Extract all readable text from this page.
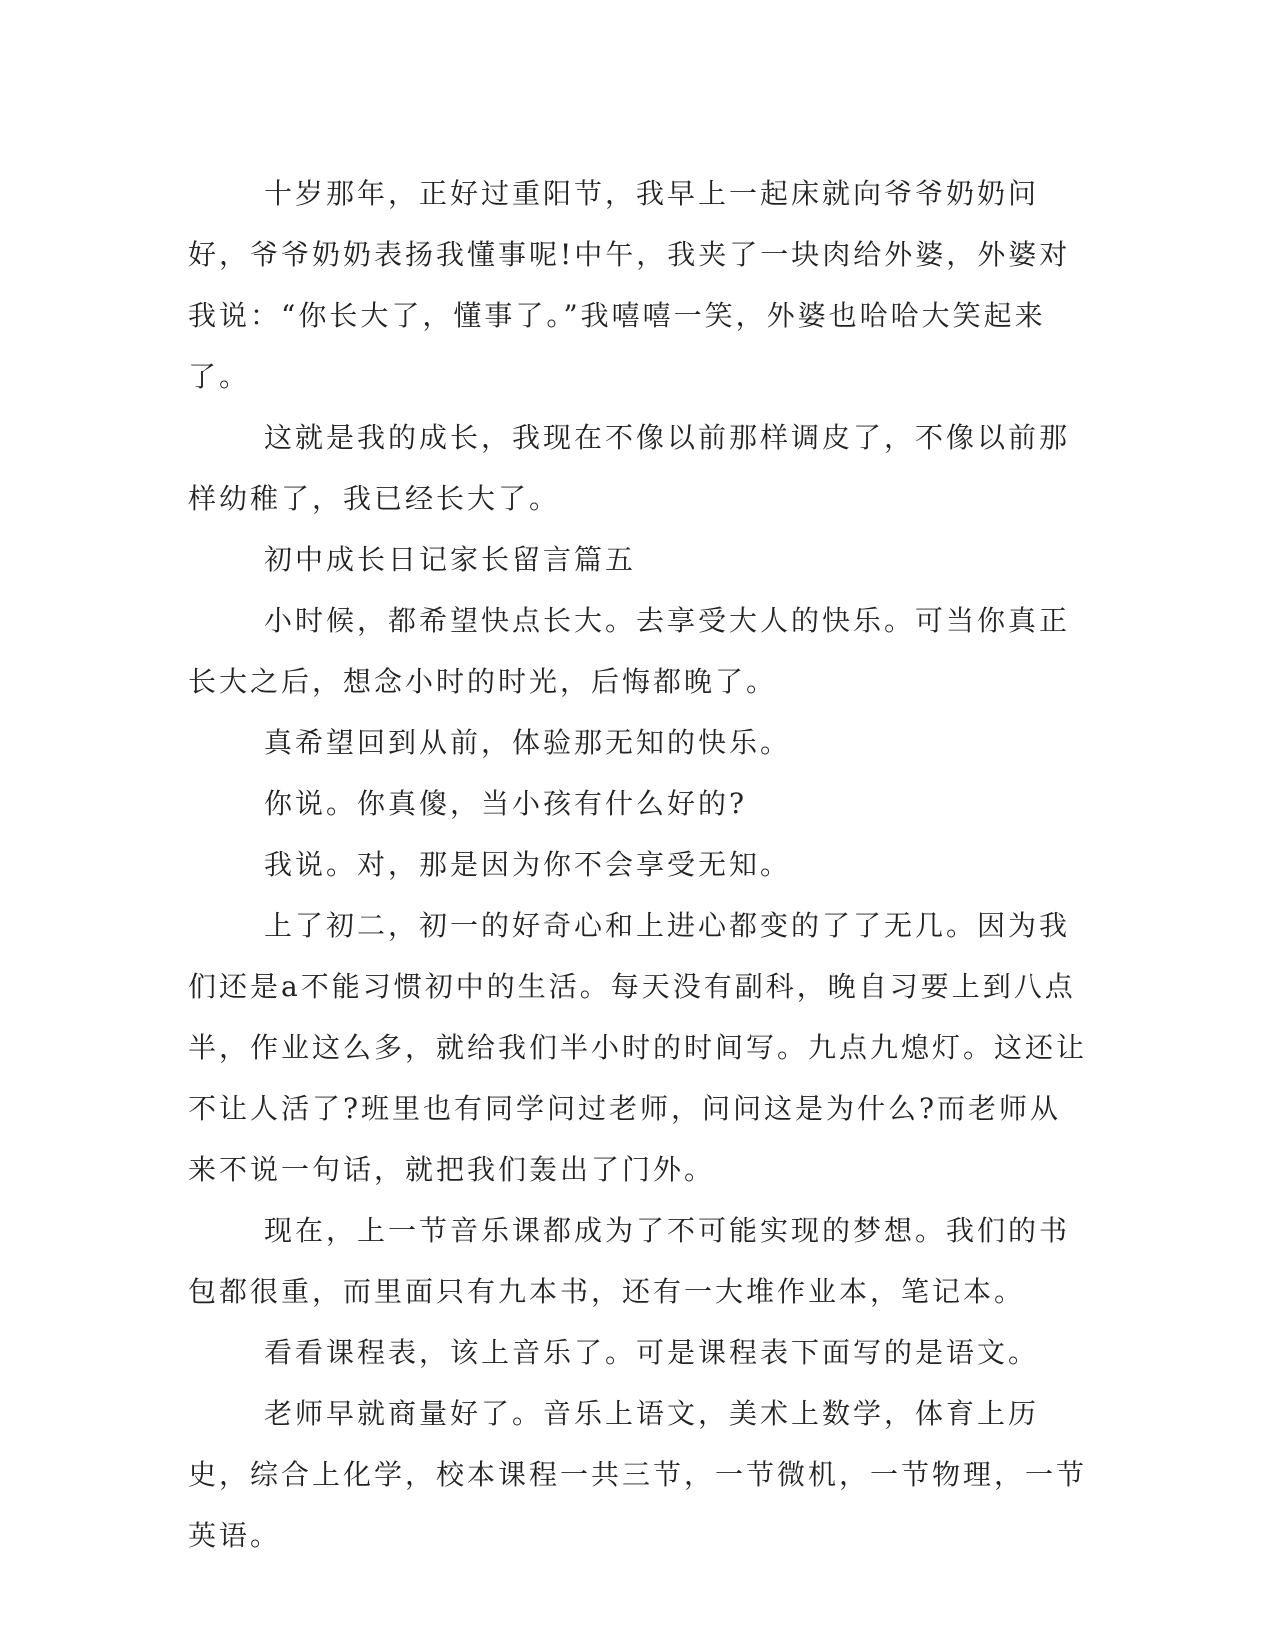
十岁那年，正好过重阳节，我早上一起床就向爷爷奶奶问好，爷爷奶奶表扬我懂事呢!中午，我夹了一块肉给外婆，外婆对我说：“你长大了，懂事了。”我嘻嘻一笑，外婆也哈哈大笑起来了。

这就是我的成长，我现在不像以前那样调皮了，不像以前那样幼稚了，我已经长大了。

初中成长日记家长留言篇五

小时候，都希望快点长大。去享受大人的快乐。可当你真正长大之后，想念小时的时光，后悔都晚了。

真希望回到从前，体验那无知的快乐。

你说。你真傻，当小孩有什么好的?

我说。对，那是因为你不会享受无知。

上了初二，初一的好奇心和上进心都变的了了无几。因为我们还是a不能习惯初中的生活。每天没有副科，晚自习要上到八点半，作业这么多，就给我们半小时的时间写。九点九熄灯。这还让不让人活了?班里也有同学问过老师，问问这是为什么?而老师从来不说一句话，就把我们轰出了门外。

现在，上一节音乐课都成为了不可能实现的梦想。我们的书包都很重，而里面只有九本书，还有一大堆作业本，笔记本。

看看课程表，该上音乐了。可是课程表下面写的是语文。

老师早就商量好了。音乐上语文，美术上数学，体育上历史，综合上化学，校本课程一共三节，一节微机，一节物理，一节英语。
